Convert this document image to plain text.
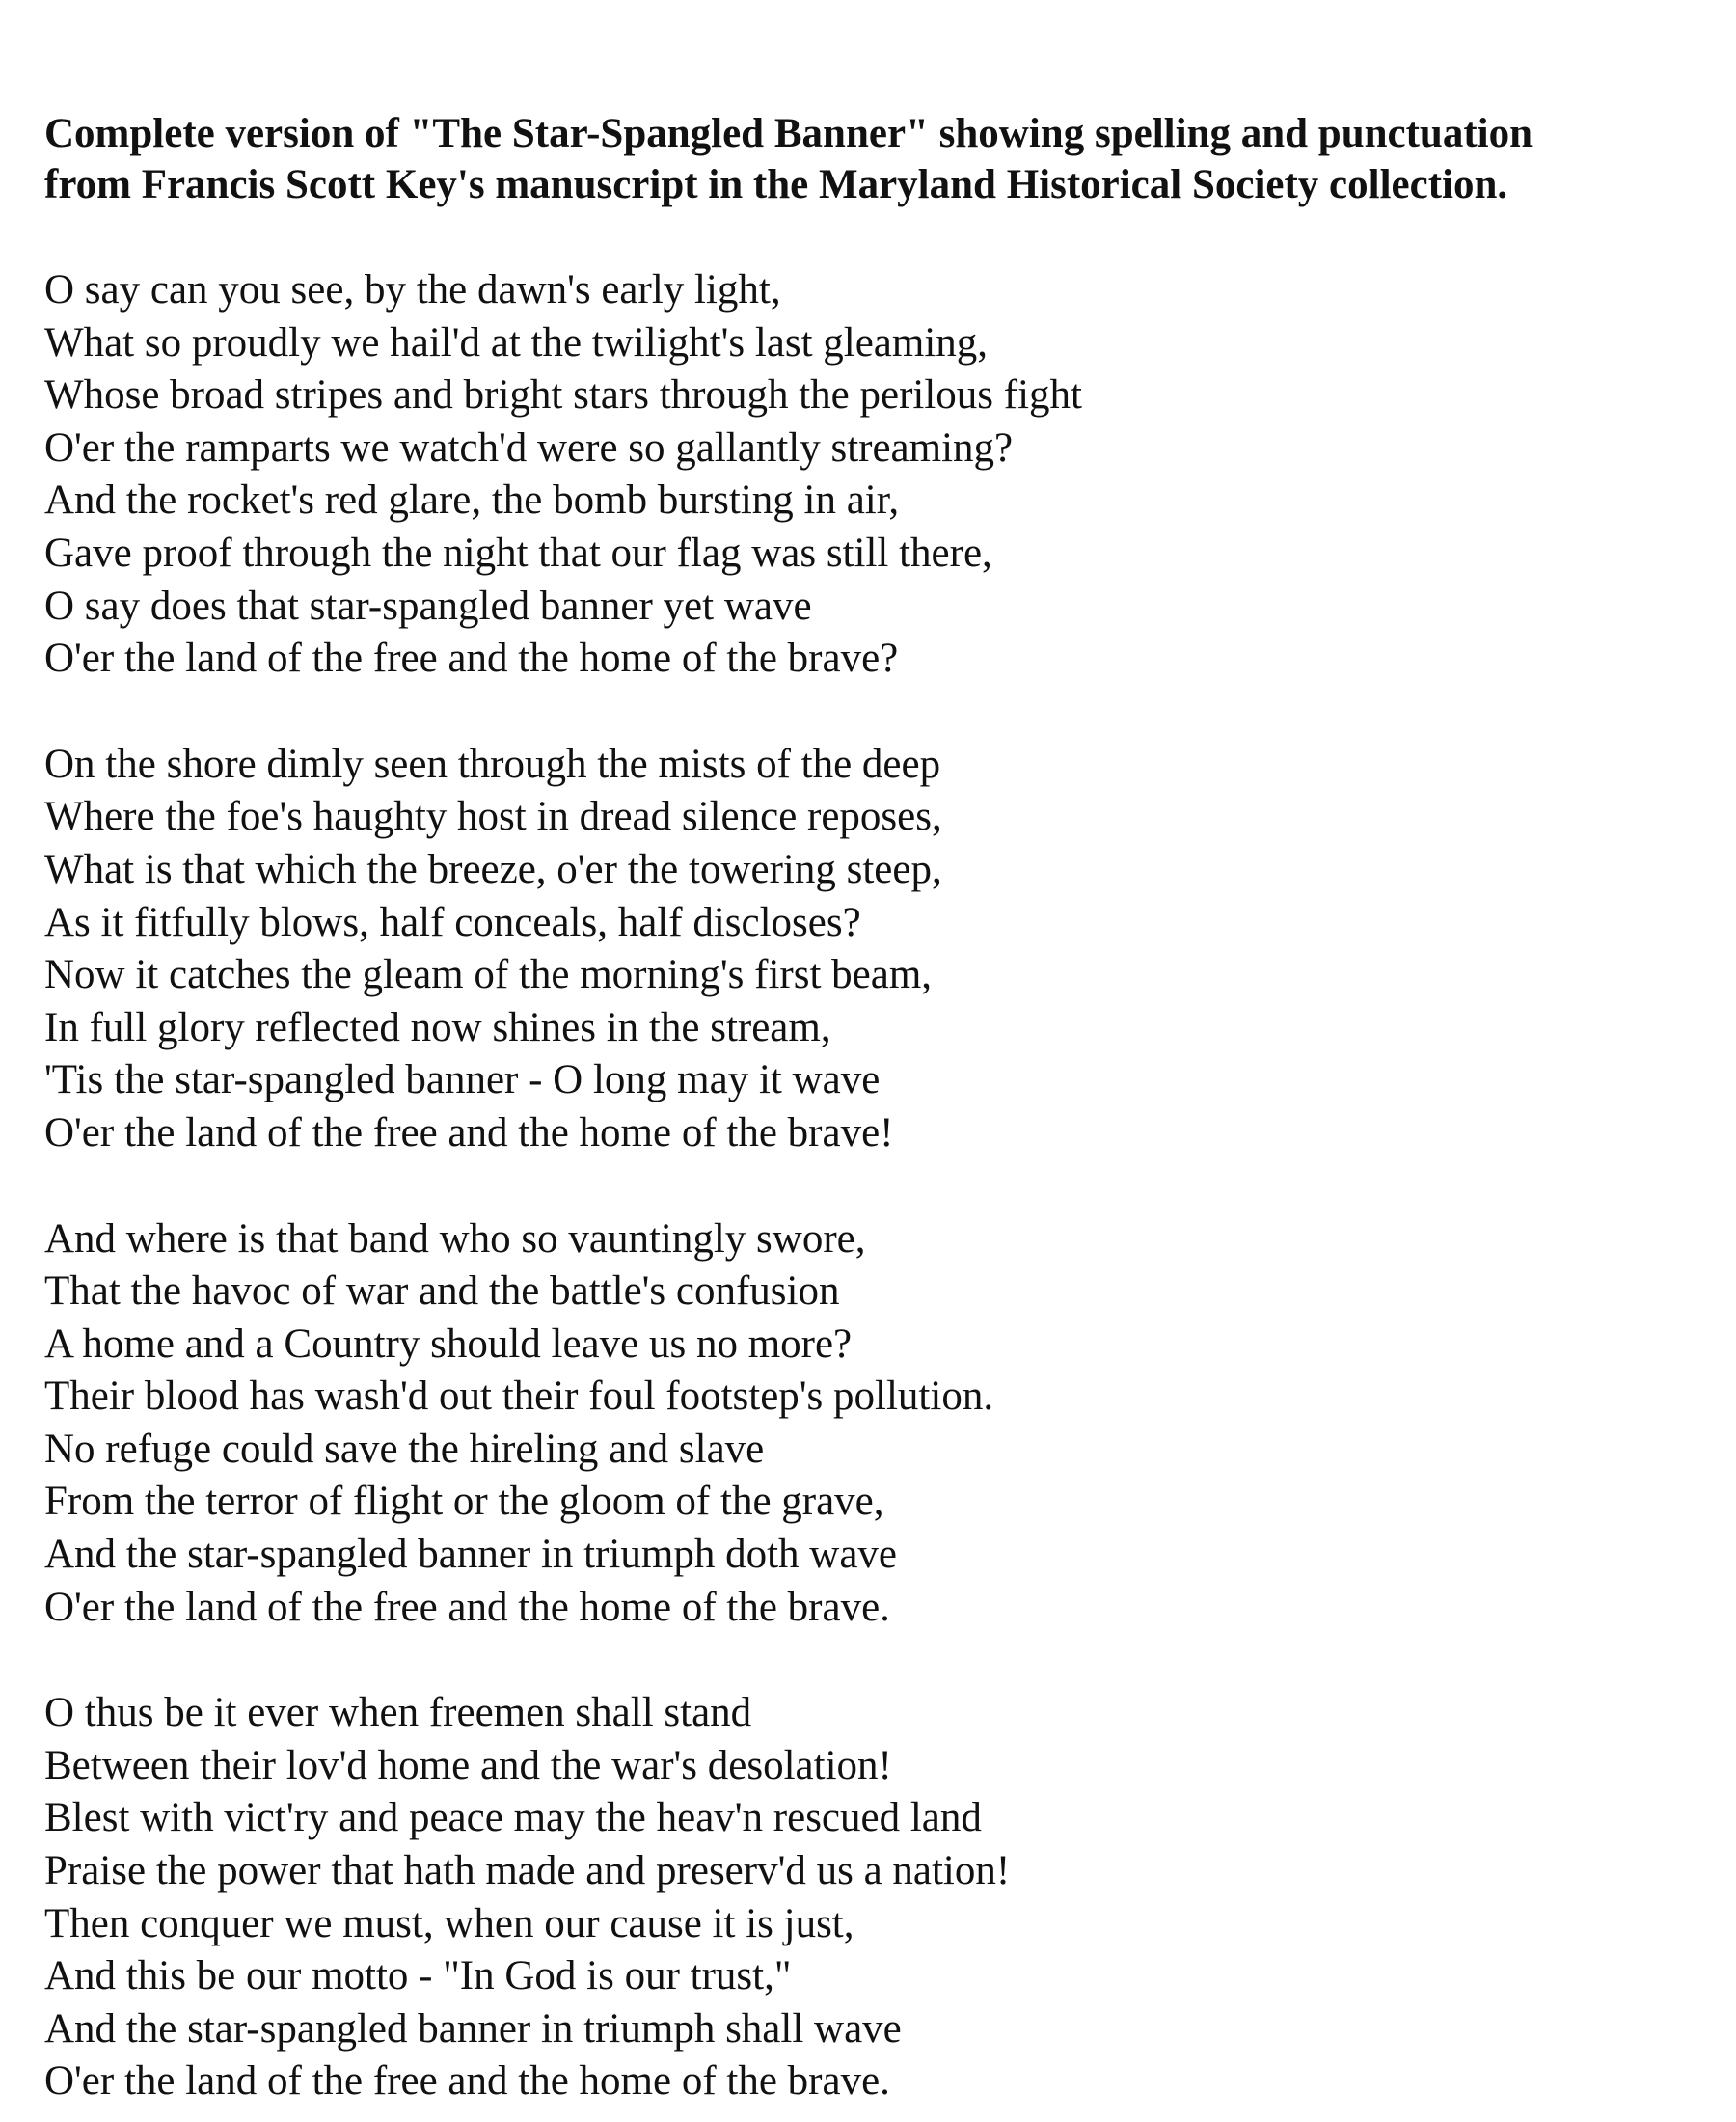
Complete version of "The Star-Spangled Banner" showing spelling and punctuation
from Francis Scott Key's manuscript in the Maryland Historical Society collection.
O say can you see, by the dawn's early light,
What so proudly we hail'd at the twilight's last gleaming,
Whose broad stripes and bright stars through the perilous fight
O'er the ramparts we watch'd were so gallantly streaming?
And the rocket's red glare, the bomb bursting in air,
Gave proof through the night that our flag was still there,
O say does that star-spangled banner yet wave
O'er the land of the free and the home of the brave?
On the shore dimly seen through the mists of the deep
Where the foe's haughty host in dread silence reposes,
What is that which the breeze, o'er the towering steep,
As it fitfully blows, half conceals, half discloses?
Now it catches the gleam of the morning's first beam,
In full glory reflected now shines in the stream,
'Tis the star-spangled banner - O long may it wave
O'er the land of the free and the home of the brave!
And where is that band who so vauntingly swore,
That the havoc of war and the battle's confusion
A home and a Country should leave us no more?
Their blood has wash'd out their foul footstep's pollution.
No refuge could save the hireling and slave
From the terror of flight or the gloom of the grave,
And the star-spangled banner in triumph doth wave
O'er the land of the free and the home of the brave.
O thus be it ever when freemen shall stand
Between their lov'd home and the war's desolation!
Blest with vict'ry and peace may the heav'n rescued land
Praise the power that hath made and preserv'd us a nation!
Then conquer we must, when our cause it is just,
And this be our motto - "In God is our trust,"
And the star-spangled banner in triumph shall wave
O'er the land of the free and the home of the brave.
